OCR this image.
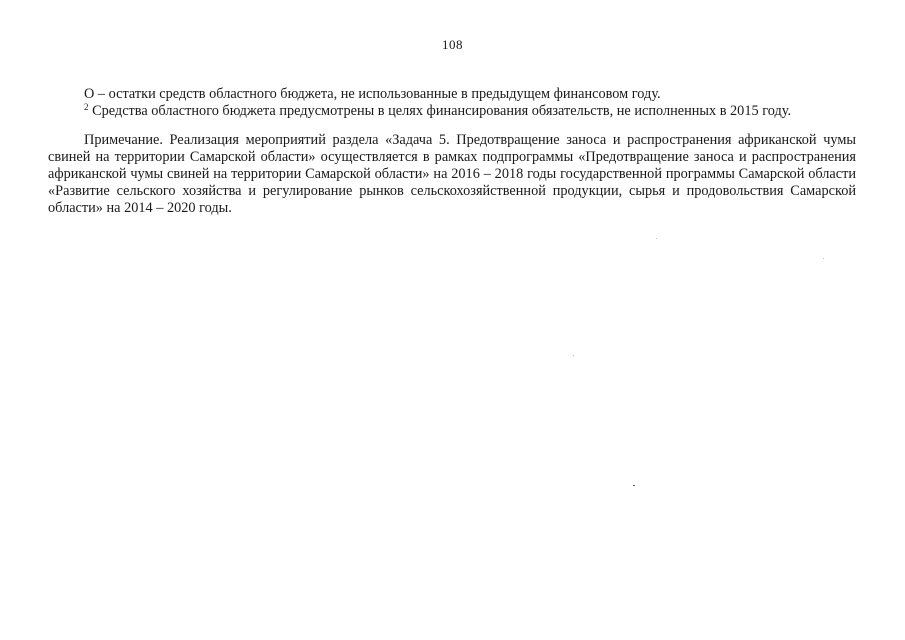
108

О – остатки средств областного бюджета, не использованные в предыдущем финансовом году.

$^2$ Средства областного бюджета предусмотрены в целях финансирования обязательств, не исполненных в 2015 году.

Примечание. Реализация мероприятий раздела «Задача 5. Предотвращение заноса и распространения африканской чумы свиней на территории Самарской области» осуществляется в рамках подпрограммы «Предотвращение заноса и распространения африканской чумы свиней на территории Самарской области» на 2016 – 2018 годы государственной программы Самарской области «Развитие сельского хозяйства и регулирование рынков сельскохозяйственной продукции, сырья и продовольствия Самарской области» на 2014 – 2020 годы.
